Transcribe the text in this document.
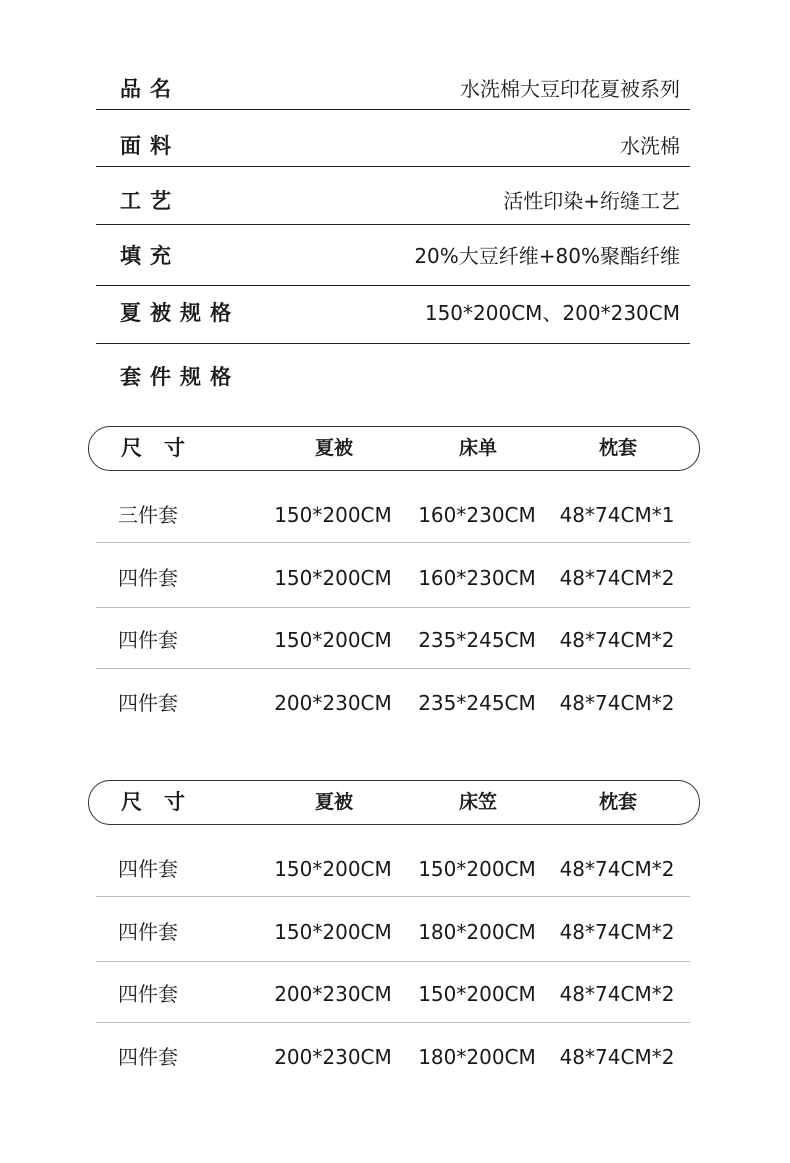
品名	水洗棉大豆印花夏被系列
面料	水洗棉
工艺	活性印染+绗缝工艺
填充	20%大豆纤维+80%聚酯纤维
夏被规格	150*200CM、200*230CM
套件规格
尺寸	夏被	床单	枕套
三件套	150*200CM	160*230CM	48*74CM*1
四件套	150*200CM	160*230CM	48*74CM*2
四件套	150*200CM	235*245CM	48*74CM*2
四件套	200*230CM	235*245CM	48*74CM*2
尺寸	夏被	床笠	枕套
四件套	150*200CM	150*200CM	48*74CM*2
四件套	150*200CM	180*200CM	48*74CM*2
四件套	200*230CM	150*200CM	48*74CM*2
四件套	200*230CM	180*200CM	48*74CM*2
